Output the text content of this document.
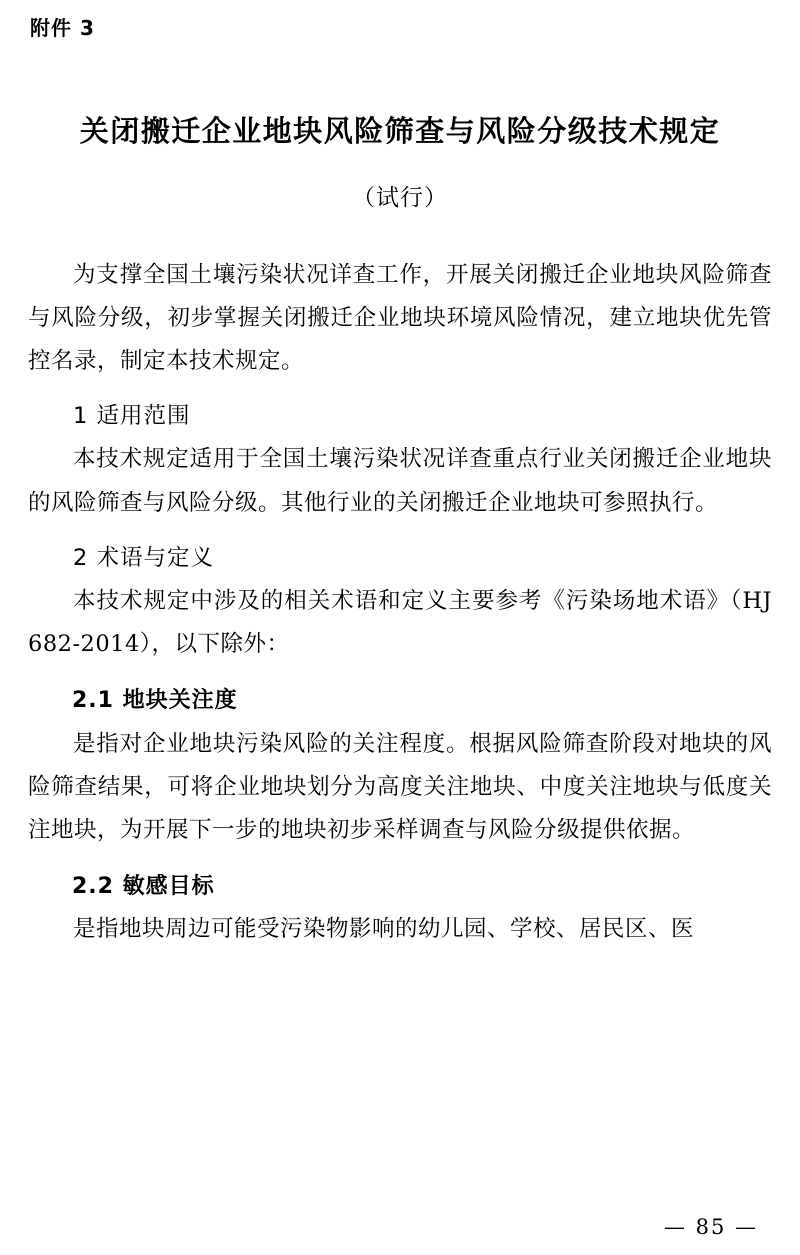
附件 3
关闭搬迁企业地块风险筛查与风险分级技术规定
（试行）

为支撑全国土壤污染状况详查工作，开展关闭搬迁企业地块风险筛查与风险分级，初步掌握关闭搬迁企业地块环境风险情况，建立地块优先管控名录，制定本技术规定。

1 适用范围

本技术规定适用于全国土壤污染状况详查重点行业关闭搬迁企业地块的风险筛查与风险分级。其他行业的关闭搬迁企业地块可参照执行。

2 术语与定义

本技术规定中涉及的相关术语和定义主要参考《污染场地术语》（HJ 682-2014），以下除外：

2.1 地块关注度

是指对企业地块污染风险的关注程度。根据风险筛查阶段对地块的风险筛查结果，可将企业地块划分为高度关注地块、中度关注地块与低度关注地块，为开展下一步的地块初步采样调查与风险分级提供依据。

2.2 敏感目标

是指地块周边可能受污染物影响的幼儿园、学校、居民区、医

— 85 —
